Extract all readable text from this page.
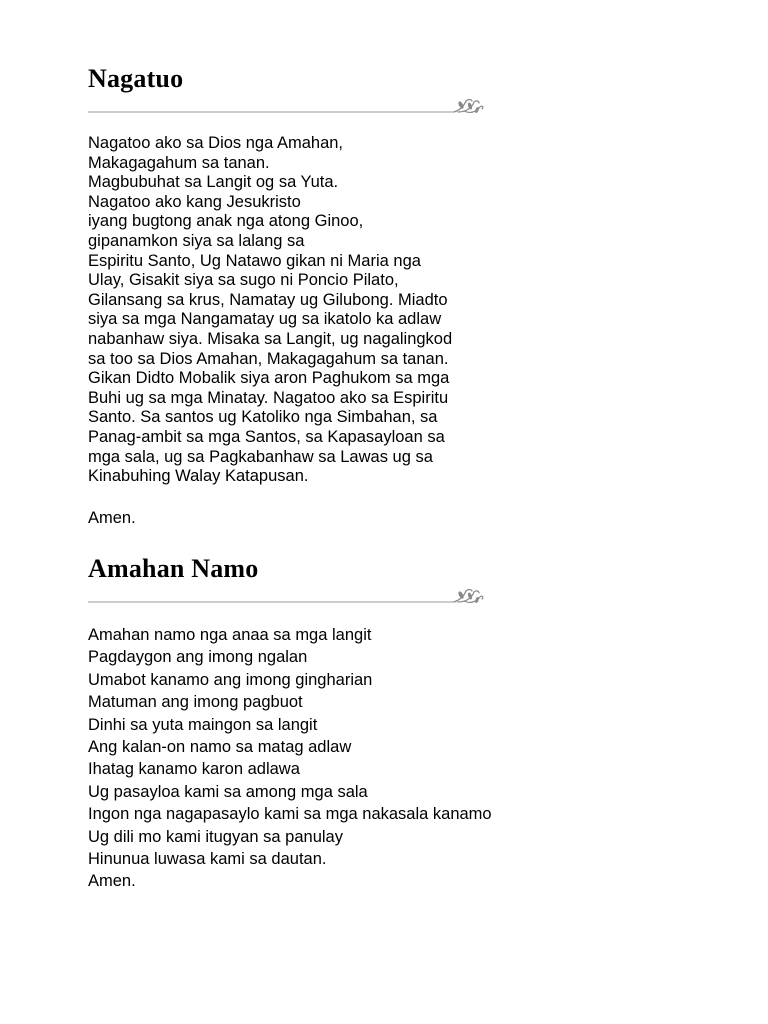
Nagatuo
Nagatoo ako sa Dios nga Amahan,
Makagagahum sa tanan.
Magbubuhat sa Langit og sa Yuta.
Nagatoo ako kang Jesukristo
iyang bugtong anak nga atong Ginoo,
gipanamkon siya sa lalang sa
Espiritu Santo, Ug Natawo gikan ni Maria nga
Ulay, Gisakit siya sa sugo ni Poncio Pilato,
Gilansang sa krus, Namatay ug Gilubong. Miadto
siya sa mga Nangamatay ug sa ikatolo ka adlaw
nabanhaw siya. Misaka sa Langit, ug nagalingkod
sa too sa Dios Amahan, Makagagahum sa tanan.
Gikan Didto Mobalik siya aron Paghukom sa mga
Buhi ug sa mga Minatay. Nagatoo ako sa Espiritu
Santo. Sa santos ug Katoliko nga Simbahan, sa
Panag-ambit sa mga Santos, sa Kapasayloan sa
mga sala, ug sa Pagkabanhaw sa Lawas ug sa
Kinabuhing Walay Katapusan.
Amen.
Amahan Namo
Amahan namo nga anaa sa mga langit
Pagdaygon ang imong ngalan
Umabot kanamo ang imong gingharian
Matuman ang imong pagbuot
Dinhi sa yuta maingon sa langit
Ang kalan-on namo sa matag adlaw
Ihatag kanamo karon adlawa
Ug pasayloa kami sa among mga sala
Ingon nga nagapasaylo kami sa mga nakasala kanamo
Ug dili mo kami itugyan sa panulay
Hinunua luwasa kami sa dautan.
Amen.
